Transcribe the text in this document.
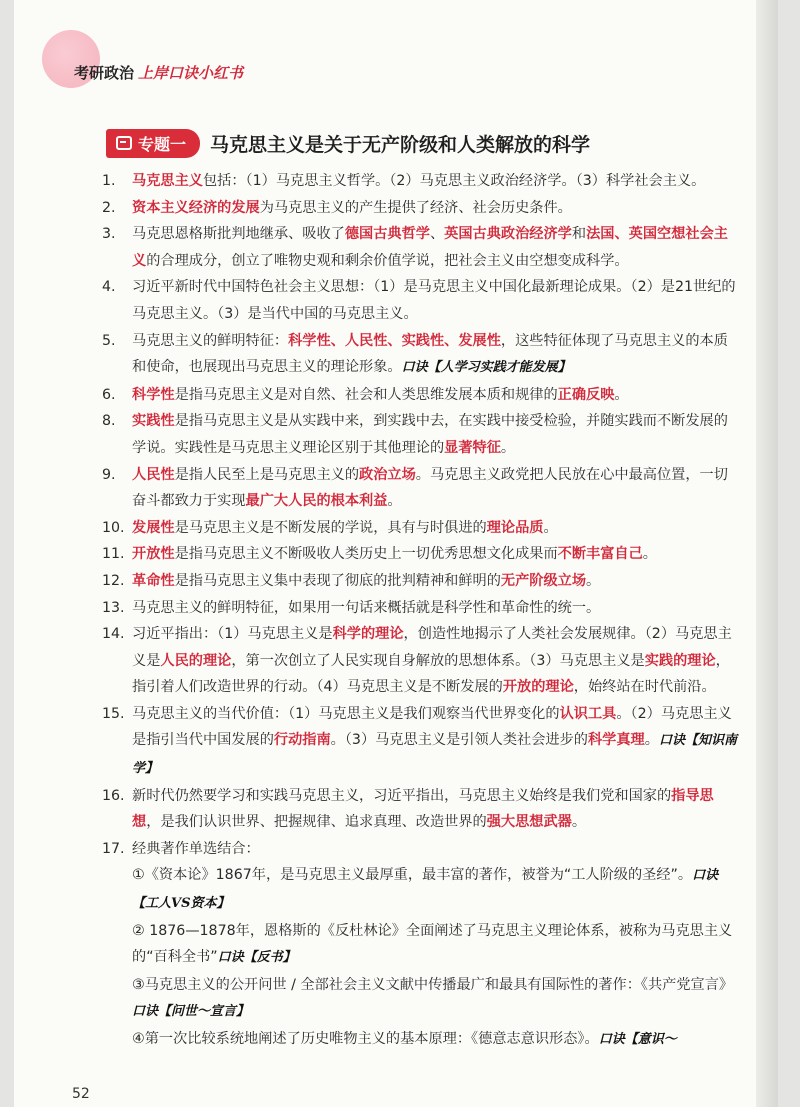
考研政治 上岸口诀小红书
专题一 马克思主义是关于无产阶级和人类解放的科学
1.	马克思主义包括：（1）马克思主义哲学。（2）马克思主义政治经济学。（3）科学社会主义。
2.	资本主义经济的发展为马克思主义的产生提供了经济、社会历史条件。
3.	马克思恩格斯批判地继承、吸收了德国古典哲学、英国古典政治经济学和法国、英国空想社会主义的合理成分，创立了唯物史观和剩余价值学说，把社会主义由空想变成科学。
4.	习近平新时代中国特色社会主义思想：（1）是马克思主义中国化最新理论成果。（2）是21世纪的马克思主义。（3）是当代中国的马克思主义。
5.	马克思主义的鲜明特征：科学性、人民性、实践性、发展性，这些特征体现了马克思主义的本质和使命，也展现出马克思主义的理论形象。口诀【人学习实践才能发展】
6.	科学性是指马克思主义是对自然、社会和人类思维发展本质和规律的正确反映。
8.	实践性是指马克思主义是从实践中来，到实践中去，在实践中接受检验，并随实践而不断发展的学说。实践性是马克思主义理论区别于其他理论的显著特征。
9.	人民性是指人民至上是马克思主义的政治立场。马克思主义政党把人民放在心中最高位置，一切奋斗都致力于实现最广大人民的根本利益。
10. 发展性是马克思主义是不断发展的学说，具有与时俱进的理论品质。
11. 开放性是指马克思主义不断吸收人类历史上一切优秀思想文化成果而不断丰富自己。
12. 革命性是指马克思主义集中表现了彻底的批判精神和鲜明的无产阶级立场。
13. 马克思主义的鲜明特征，如果用一句话来概括就是科学性和革命性的统一。
14. 习近平指出：（1）马克思主义是科学的理论，创造性地揭示了人类社会发展规律。（2）马克思主义是人民的理论，第一次创立了人民实现自身解放的思想体系。（3）马克思主义是实践的理论，指引着人们改造世界的行动。（4）马克思主义是不断发展的开放的理论，始终站在时代前沿。
15. 马克思主义的当代价值：（1）马克思主义是我们观察当代世界变化的认识工具。（2）马克思主义是指引当代中国发展的行动指南。（3）马克思主义是引领人类社会进步的科学真理。口诀【知识南学】
16. 新时代仍然要学习和实践马克思主义，习近平指出，马克思主义始终是我们党和国家的指导思想，是我们认识世界、把握规律、追求真理、改造世界的强大思想武器。
17. 经典著作单选结合：
①《资本论》1867年，是马克思主义最厚重，最丰富的著作，被誉为“工人阶级的圣经”。口诀【工人VS资本】
② 1876—1878年，恩格斯的《反杜林论》全面阐述了马克思主义理论体系，被称为马克思主义的“百科全书”口诀【反书】
③马克思主义的公开问世 / 全部社会主义文献中传播最广和最具有国际性的著作：《共产党宣言》口诀【问世～宣言】
④第一次比较系统地阐述了历史唯物主义的基本原理：《德意志意识形态》。口诀【意识～
52
